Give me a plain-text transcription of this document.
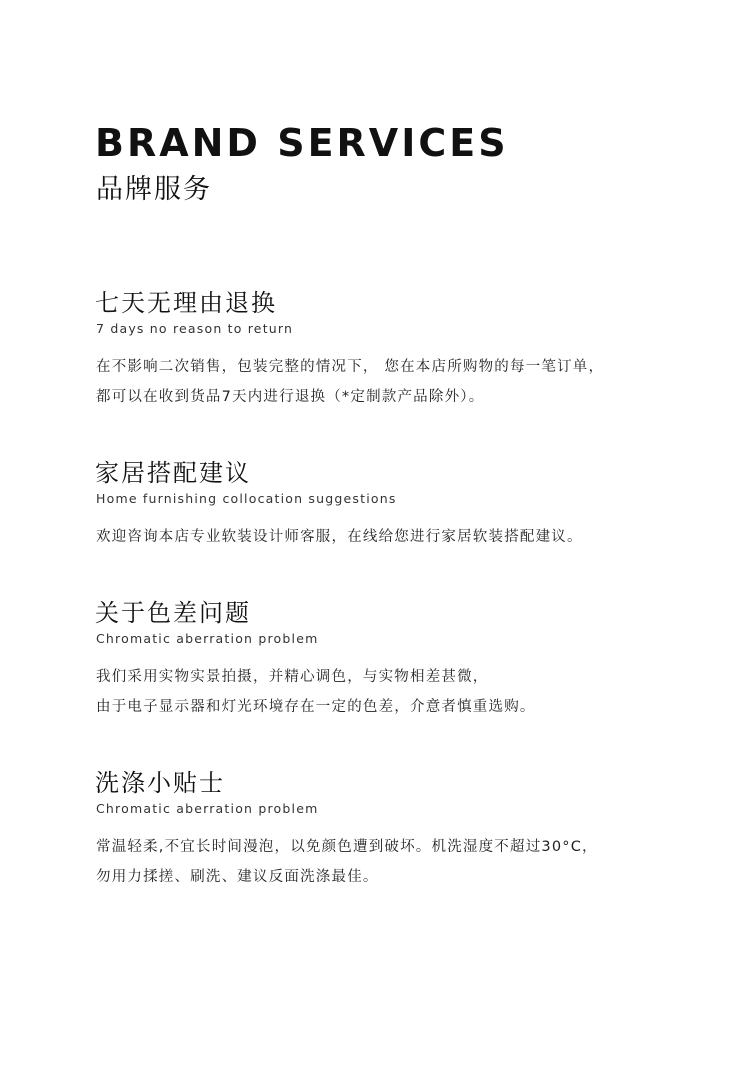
BRAND SERVICES
品牌服务
七天无理由退换
7 days no reason to return

在不影响二次销售，包装完整的情况下， 您在本店所购物的每一笔订单，

都可以在收到货品7天内进行退换（*定制款产品除外）。

家居搭配建议
Home furnishing collocation suggestions

欢迎咨询本店专业软装设计师客服，在线给您进行家居软装搭配建议。

关于色差问题
Chromatic aberration problem

我们采用实物实景拍摄，并精心调色，与实物相差甚微，

由于电子显示器和灯光环境存在一定的色差，介意者慎重选购。

洗涤小贴士
Chromatic aberration problem

常温轻柔,不宜长时间漫泡，以免颜色遭到破坏。机洗湿度不超过30°C，

勿用力揉搓、刷洗、建议反面洗涤最佳。
